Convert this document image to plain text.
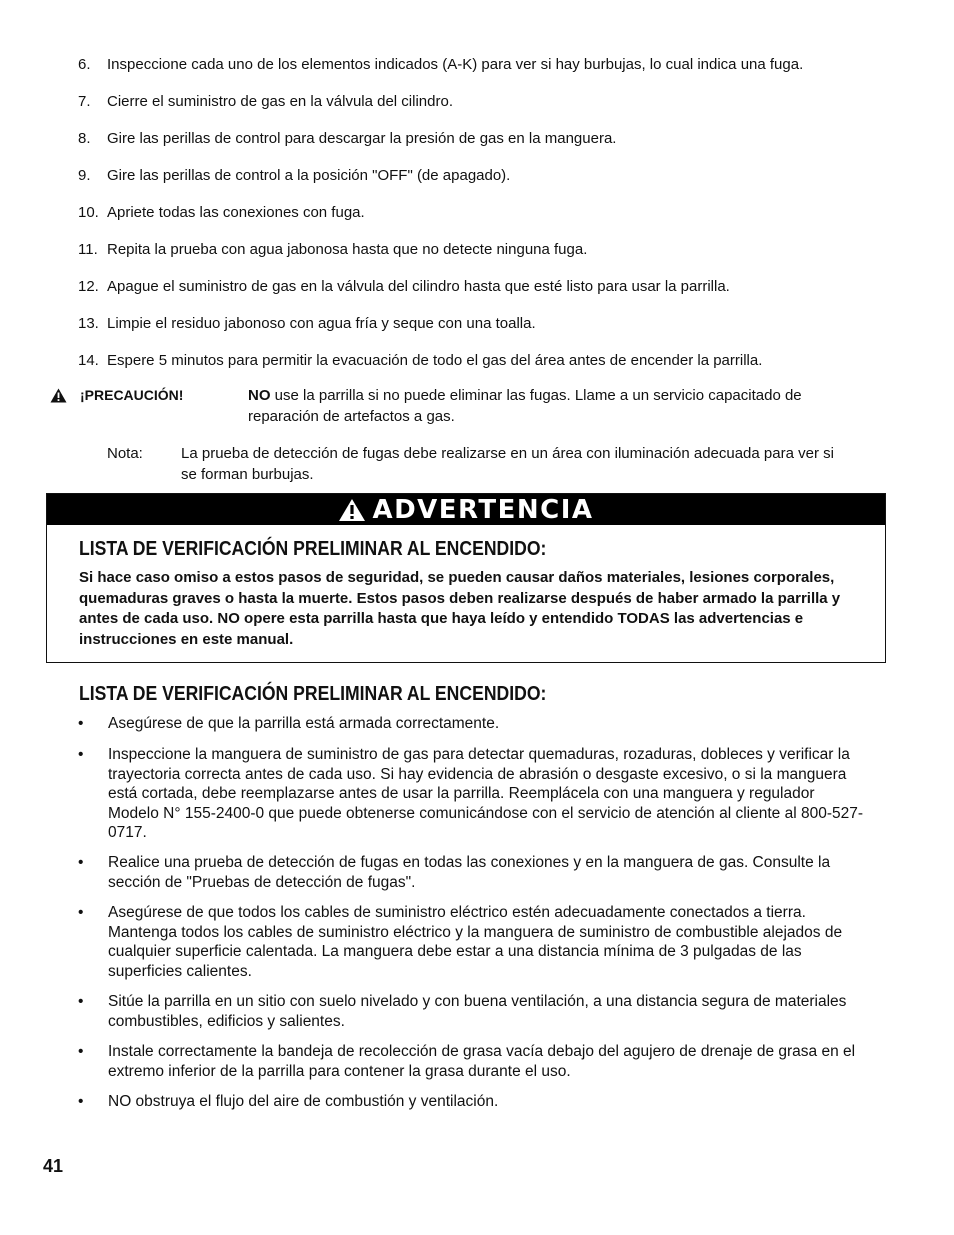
6. Inspeccione cada uno de los elementos indicados (A-K) para ver si hay burbujas, lo cual indica una fuga.
7. Cierre el suministro de gas en la válvula del cilindro.
8. Gire las perillas de control para descargar la presión de gas en la manguera.
9. Gire las perillas de control a la posición "OFF" (de apagado).
10. Apriete todas las conexiones con fuga.
11. Repita la prueba con agua jabonosa hasta que no detecte ninguna fuga.
12. Apague el suministro de gas en la válvula del cilindro hasta que esté listo para usar la parrilla.
13. Limpie el residuo jabonoso con agua fría y seque con una toalla.
14. Espere 5 minutos para permitir la evacuación de todo el gas del área antes de encender la parrilla.
¡PRECAUCIÓN!	NO use la parrilla si no puede eliminar las fugas. Llame a un servicio capacitado de reparación de artefactos a gas.
Nota:	La prueba de detección de fugas debe realizarse en un área con iluminación adecuada para ver si se forman burbujas.
ADVERTENCIA
LISTA DE VERIFICACIÓN PRELIMINAR AL ENCENDIDO:
Si hace caso omiso a estos pasos de seguridad, se pueden causar daños materiales, lesiones corporales, quemaduras graves o hasta la muerte. Estos pasos deben realizarse después de haber armado la parrilla y antes de cada uso. NO opere esta parrilla hasta que haya leído y entendido TODAS las advertencias e instrucciones en este manual.
LISTA DE VERIFICACIÓN PRELIMINAR AL ENCENDIDO:
• Asegúrese de que la parrilla está armada correctamente.
• Inspeccione la manguera de suministro de gas para detectar quemaduras, rozaduras, dobleces y verificar la trayectoria correcta antes de cada uso. Si hay evidencia de abrasión o desgaste excesivo, o si la manguera está cortada, debe reemplazarse antes de usar la parrilla. Reemplácela con una manguera y regulador Modelo N° 155-2400-0 que puede obtenerse comunicándose con el servicio de atención al cliente al 800-527-0717.
• Realice una prueba de detección de fugas en todas las conexiones y en la manguera de gas. Consulte la sección de "Pruebas de detección de fugas".
• Asegúrese de que todos los cables de suministro eléctrico estén adecuadamente conectados a tierra. Mantenga todos los cables de suministro eléctrico y la manguera de suministro de combustible alejados de cualquier superficie calentada. La manguera debe estar a una distancia mínima de 3 pulgadas de las superficies calientes.
• Sitúe la parrilla en un sitio con suelo nivelado y con buena ventilación, a una distancia segura de materiales combustibles, edificios y salientes.
• Instale correctamente la bandeja de recolección de grasa vacía debajo del agujero de drenaje de grasa en el extremo inferior de la parrilla para contener la grasa durante el uso.
• NO obstruya el flujo del aire de combustión y ventilación.
41
